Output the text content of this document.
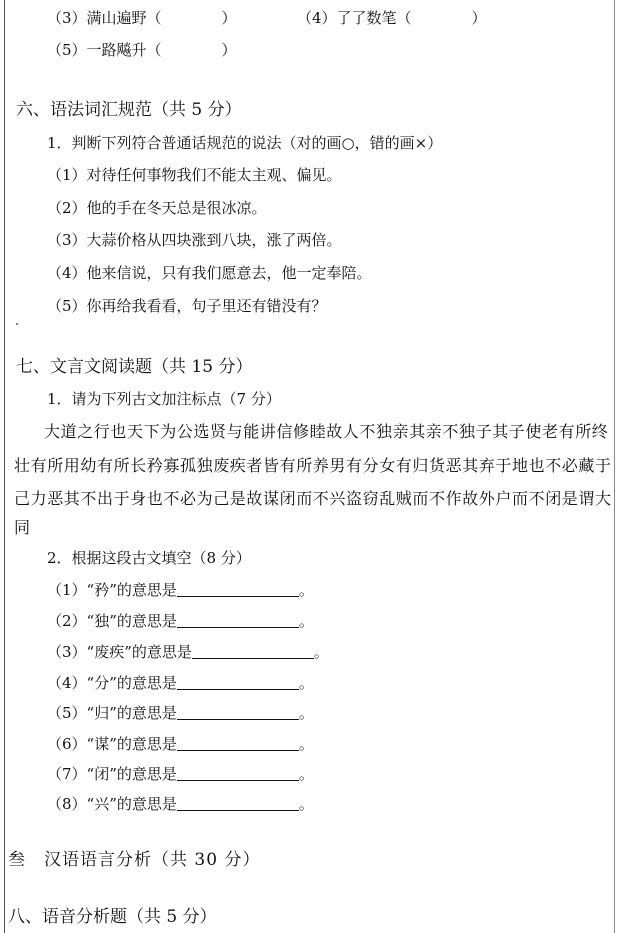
（3）满山遍野（　　　　）	（4）了了数笔（　　　　）
（5）一路飚升（　　　　）
六、语法词汇规范（共 5 分）
1．判断下列符合普通话规范的说法（对的画○，错的画×）
（1）对待任何事物我们不能太主观、偏见。
（2）他的手在冬天总是很冰凉。
（3）大蒜价格从四块涨到八块，涨了两倍。
（4）他来信说，只有我们愿意去，他一定奉陪。
（5）你再给我看看，句子里还有错没有？
七、文言文阅读题（共 15 分）
1．请为下列古文加注标点（7 分）
大道之行也天下为公选贤与能讲信修睦故人不独亲其亲不独子其子使老有所终
壮有所用幼有所长矜寡孤独废疾者皆有所养男有分女有归货恶其弃于地也不必藏于
己力恶其不出于身也不必为己是故谋闭而不兴盗窃乱贼而不作故外户而不闭是谓大
同
2．根据这段古文填空（8 分）
（1）“矜”的意思是	。
（2）“独”的意思是	。
（3）“废疾”的意思是	。
（4）“分”的意思是	。
（5）“归”的意思是	。
（6）“谋”的意思是	。
（7）“闭”的意思是	。
（8）“兴”的意思是	。
叁　汉语语言分析（共 30 分）
八、语音分析题（共 5 分）
